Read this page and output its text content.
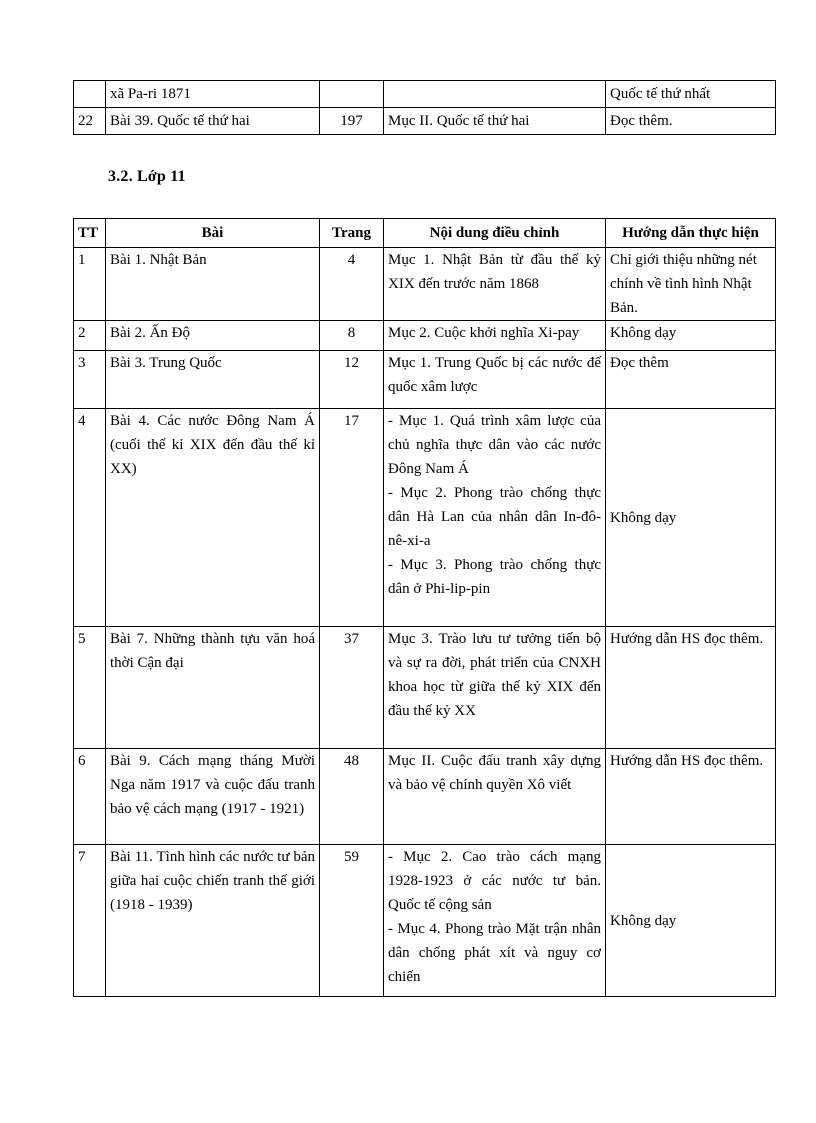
	xã Pa-ri 1871			Quốc tế thứ nhất
22	Bài 39. Quốc tế thứ hai	197	Mục II. Quốc tế thứ hai	Đọc thêm.
3.2. Lớp 11
TT	Bài	Trang	Nội dung điều chỉnh	Hướng dẫn thực hiện
1	Bài 1. Nhật Bản	4	Mục 1. Nhật Bản từ đầu thế kỷ XIX đến trước năm 1868	Chỉ giới thiệu những nét chính về tình hình Nhật Bản.
2	Bài 2. Ấn Độ	8	Mục 2. Cuộc khởi nghĩa Xi-pay	Không dạy
3	Bài 3. Trung Quốc	12	Mục 1. Trung Quốc bị các nước đế quốc xâm lược	Đọc thêm
4	Bài 4. Các nước Đông Nam Á (cuối thế kỉ XIX đến đầu thế kỉ XX)	17	- Mục 1. Quá trình xâm lược của chủ nghĩa thực dân vào các nước Đông Nam Á
- Mục 2. Phong trào chống thực dân Hà Lan của nhân dân In-đô-nê-xi-a
- Mục 3. Phong trào chống thực dân ở Phi-lip-pin	Không dạy
5	Bài 7. Những thành tựu văn hoá thời Cận đại	37	Mục 3. Trào lưu tư tưởng tiến bộ và sự ra đời, phát triển của CNXH khoa học từ giữa thế kỷ XIX đến đầu thế kỷ XX	Hướng dẫn HS đọc thêm.
6	Bài 9. Cách mạng tháng Mười Nga năm 1917 và cuộc đấu tranh bảo vệ cách mạng (1917 - 1921)	48	Mục II. Cuộc đấu tranh xây dựng và bảo vệ chính quyền Xô viết	Hướng dẫn HS đọc thêm.
7	Bài 11. Tình hình các nước tư bản giữa hai cuộc chiến tranh thế giới (1918 - 1939)	59	- Mục 2. Cao trào cách mạng 1928-1923 ở các nước tư bản. Quốc tế cộng sản
- Mục 4. Phong trào Mặt trận nhân dân chống phát xít và nguy cơ chiến	Không dạy
